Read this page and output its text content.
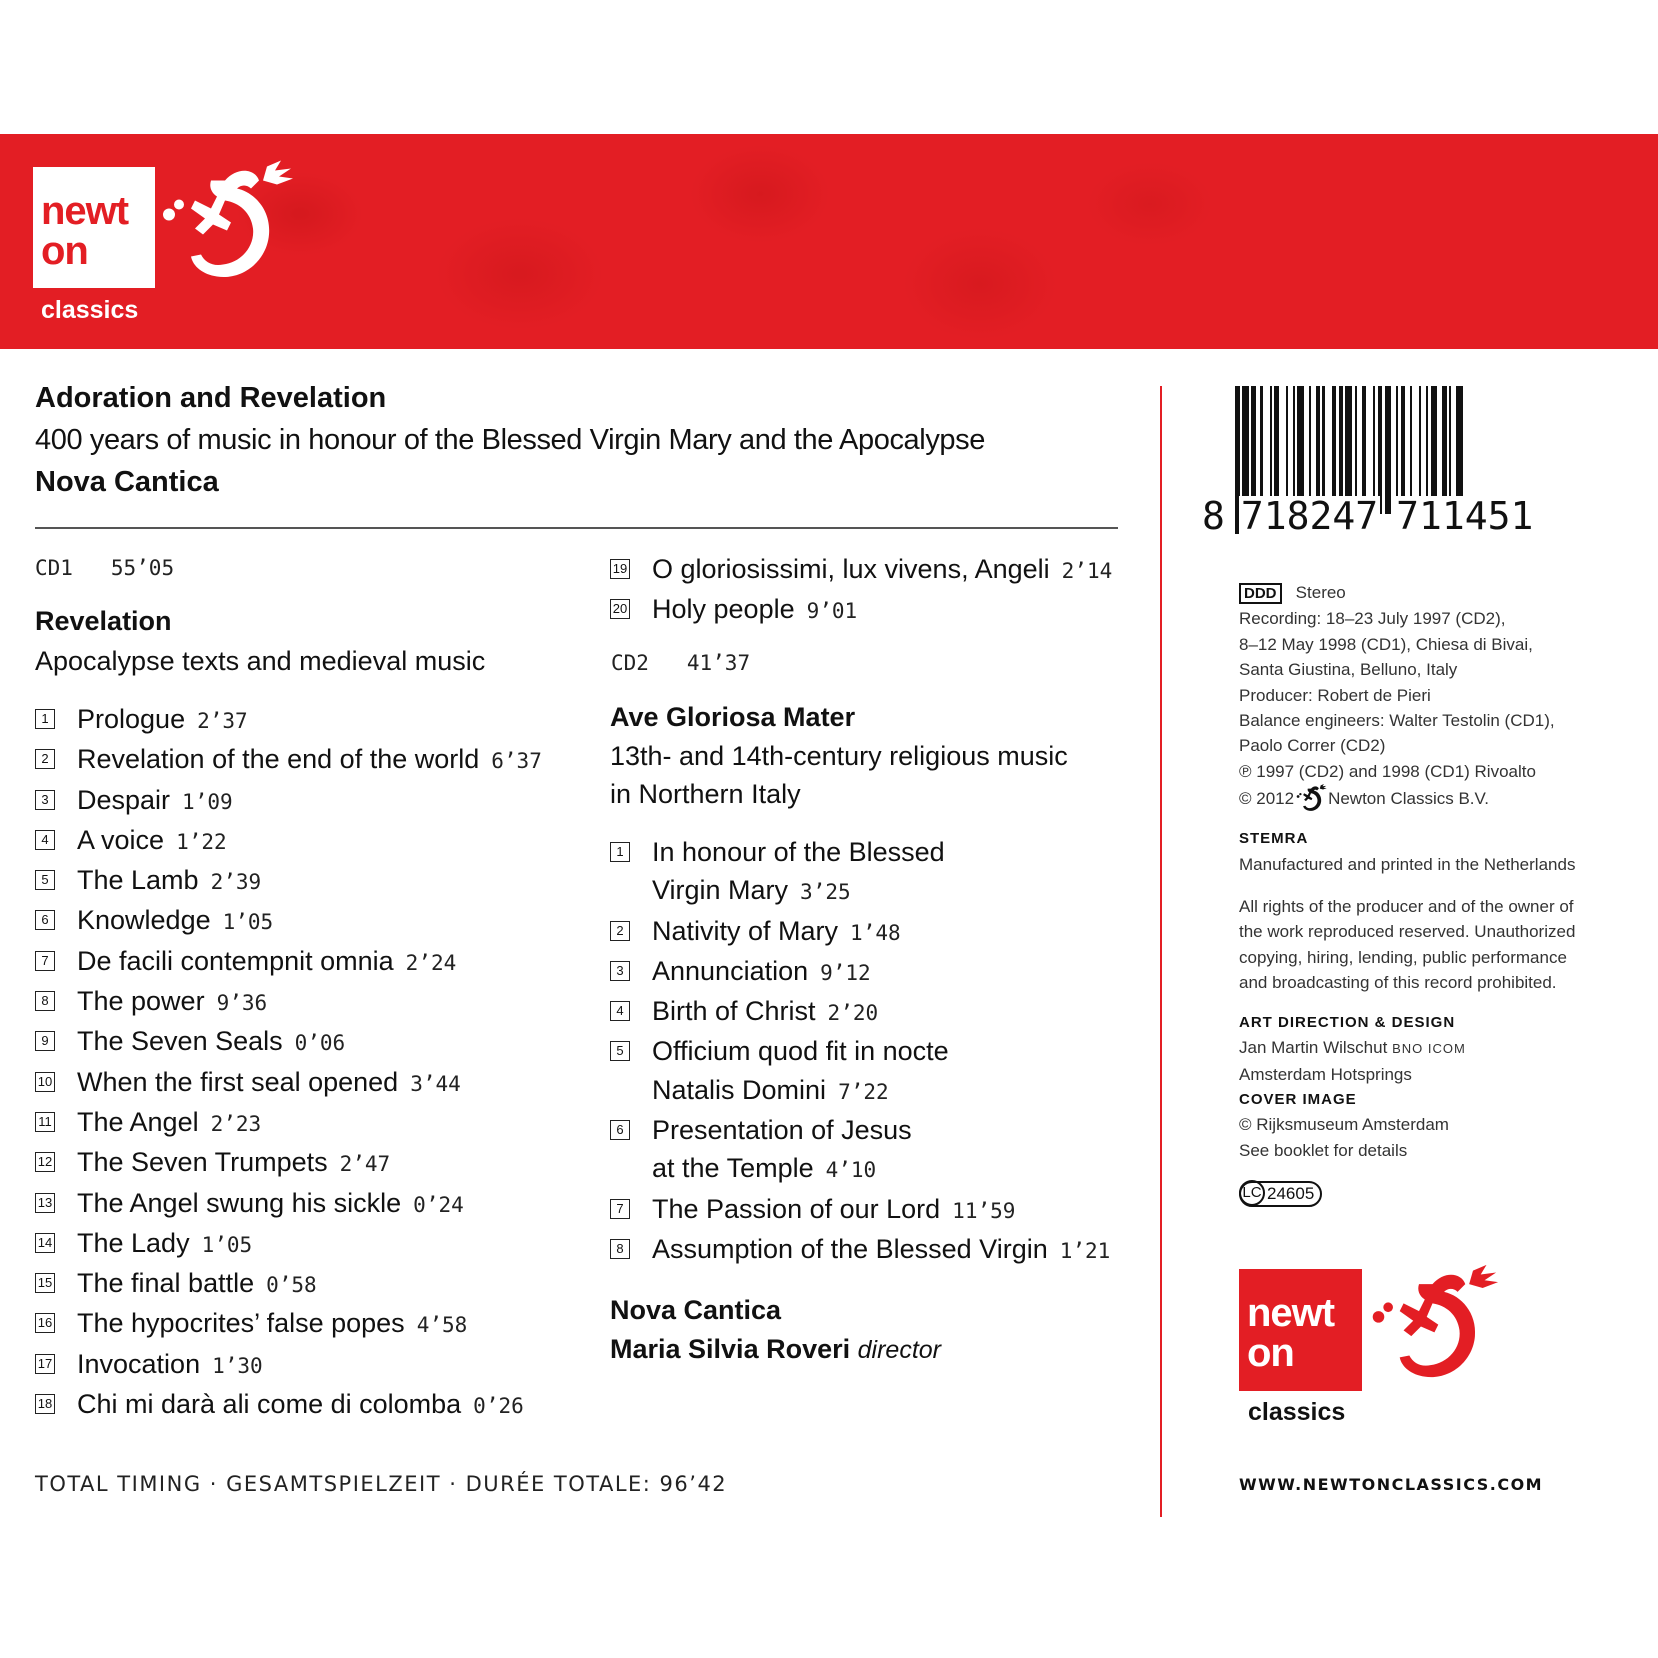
newt
on
classics
Adoration and Revelation
400 years of music in honour of the Blessed Virgin Mary and the Apocalypse
Nova Cantica
CD1 55’05
Revelation
Apocalypse texts and medieval music
1 Prologue 2’37
2 Revelation of the end of the world 6’37
3 Despair 1’09
4 A voice 1’22
5 The Lamb 2’39
6 Knowledge 1’05
7 De facili contempnit omnia 2’24
8 The power 9’36
9 The Seven Seals 0’06
10 When the first seal opened 3’44
11 The Angel 2’23
12 The Seven Trumpets 2’47
13 The Angel swung his sickle 0’24
14 The Lady 1’05
15 The final battle 0’58
16 The hypocrites’ false popes 4’58
17 Invocation 1’30
18 Chi mi darà ali come di colomba 0’26
19 O gloriosissimi, lux vivens, Angeli 2’14
20 Holy people 9’01
CD2 41’37
Ave Gloriosa Mater
13th- and 14th-century religious music
in Northern Italy
1 In honour of the Blessed
Virgin Mary 3’25
2 Nativity of Mary 1’48
3 Annunciation 9’12
4 Birth of Christ 2’20
5 Officium quod fit in nocte
Natalis Domini 7’22
6 Presentation of Jesus
at the Temple 4’10
7 The Passion of our Lord 11’59
8 Assumption of the Blessed Virgin 1’21
Nova Cantica
Maria Silvia Roveri director
TOTAL TIMING · GESAMTSPIELZEIT · DURÉE TOTALE: 96’42
8 718247 711451
DDD Stereo
Recording: 18–23 July 1997 (CD2),
8–12 May 1998 (CD1), Chiesa di Bivai,
Santa Giustina, Belluno, Italy
Producer: Robert de Pieri
Balance engineers: Walter Testolin (CD1),
Paolo Correr (CD2)
℗ 1997 (CD2) and 1998 (CD1) Rivoalto
© 2012 Newton Classics B.V.
STEMRA
Manufactured and printed in the Netherlands
All rights of the producer and of the owner of
the work reproduced reserved. Unauthorized
copying, hiring, lending, public performance
and broadcasting of this record prohibited.
ART DIRECTION & DESIGN
Jan Martin Wilschut BNO ICOM
Amsterdam Hotsprings
COVER IMAGE
© Rijksmuseum Amsterdam
See booklet for details
LC 24605
newt
on
classics
WWW.NEWTONCLASSICS.COM
